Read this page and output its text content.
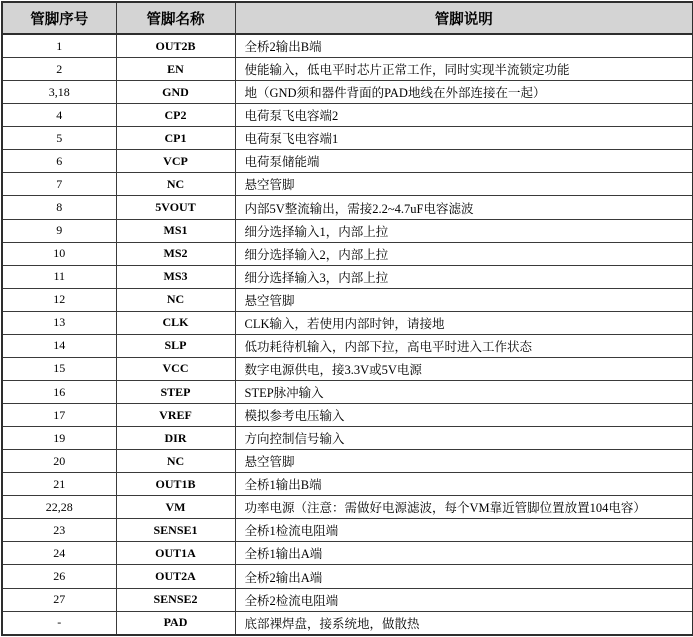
管脚序号	管脚名称	管脚说明
1	OUT2B	全桥2输出B端
2	EN	使能输入，低电平时芯片正常工作，同时实现半流锁定功能
3,18	GND	地（GND须和器件背面的PAD地线在外部连接在一起）
4	CP2	电荷泵飞电容端2
5	CP1	电荷泵飞电容端1
6	VCP	电荷泵储能端
7	NC	悬空管脚
8	5VOUT	内部5V整流输出，需接2.2~4.7uF电容滤波
9	MS1	细分选择输入1，内部上拉
10	MS2	细分选择输入2，内部上拉
11	MS3	细分选择输入3，内部上拉
12	NC	悬空管脚
13	CLK	CLK输入，若使用内部时钟，请接地
14	SLP	低功耗待机输入，内部下拉，高电平时进入工作状态
15	VCC	数字电源供电，接3.3V或5V电源
16	STEP	STEP脉冲输入
17	VREF	模拟参考电压输入
19	DIR	方向控制信号输入
20	NC	悬空管脚
21	OUT1B	全桥1输出B端
22,28	VM	功率电源（注意：需做好电源滤波，每个VM靠近管脚位置放置104电容）
23	SENSE1	全桥1检流电阻端
24	OUT1A	全桥1输出A端
26	OUT2A	全桥2输出A端
27	SENSE2	全桥2检流电阻端
-	PAD	底部裸焊盘，接系统地，做散热
